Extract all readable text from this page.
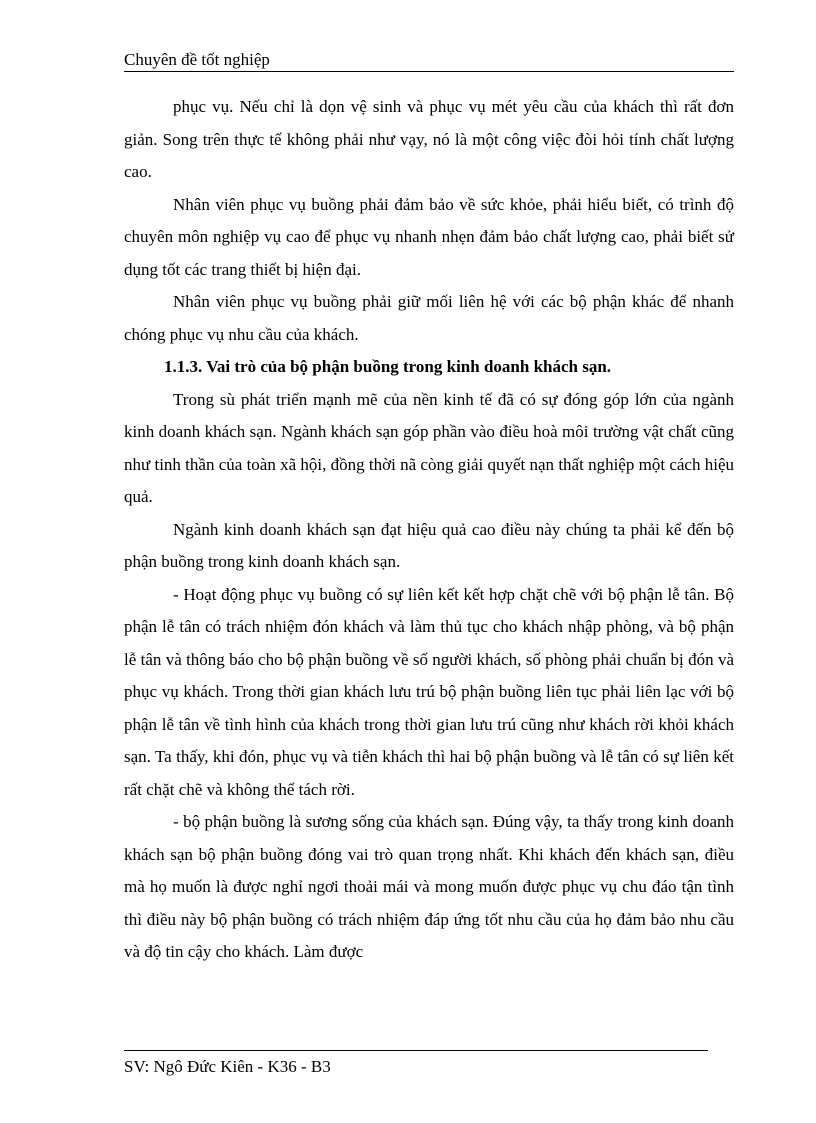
Chuyên đề tốt nghiệp

phục vụ. Nếu chỉ là dọn vệ sinh và phục vụ mét yêu cầu của khách thì rất đơn giản. Song trên thực tế không phải như vạy, nó là một công việc đòi hỏi tính chất lượng cao.

Nhân viên phục vụ buồng phải đảm bảo về sức khỏe, phải hiểu biết, có trình độ chuyên môn nghiệp vụ cao để phục vụ nhanh nhẹn đảm bảo chất lượng cao, phải biết sử dụng tốt các trang thiết bị hiện đại.

Nhân viên phục vụ buồng phải giữ mối liên hệ với các bộ phận khác để nhanh chóng phục vụ nhu cầu của khách.

1.1.3. Vai trò của bộ phận buồng trong kinh doanh khách sạn.

Trong sù phát triển mạnh mẽ của nền kinh tế đã có sự đóng góp lớn của ngành kinh doanh khách sạn. Ngành khách sạn góp phần vào điều hoà môi trường vật chất cũng như tinh thần của toàn xã hội, đồng thời nã còng giải quyết nạn thất nghiệp một cách hiệu quả.

Ngành kinh doanh khách sạn đạt hiệu quả cao điều này chúng ta phải kể đến bộ phận buồng trong kinh doanh khách sạn.

- Hoạt động phục vụ buồng có sự liên kết kết hợp chặt chẽ với bộ phận lễ tân. Bộ phận lễ tân có trách nhiệm đón khách và làm thủ tục cho khách nhập phòng, và bộ phận lễ tân và thông báo cho bộ phận buồng về số người khách, số phòng phải chuẩn bị đón và phục vụ khách. Trong thời gian khách lưu trú bộ phận buồng liên tục phải liên lạc với bộ phận lễ tân về tình hình của khách trong thời gian lưu trú cũng như khách rời khỏi khách sạn. Ta thấy, khi đón, phục vụ và tiễn khách thì hai bộ phận buồng và lễ tân có sự liên kết rất chặt chẽ và không thể tách rời.

- bộ phận buồng là sương sống của khách sạn. Đúng vậy, ta thấy trong kinh doanh khách sạn bộ phận buồng đóng vai trò quan trọng nhất. Khi khách đến khách sạn, điều mà họ muốn là được nghỉ ngơi thoải mái và mong muốn được phục vụ chu đáo tận tình thì điều này bộ phận buồng có trách nhiệm đáp ứng tốt nhu cầu của họ đảm bảo nhu cầu và độ tin cậy cho khách. Làm được

SV: Ngô Đức Kiên - K36 - B3
